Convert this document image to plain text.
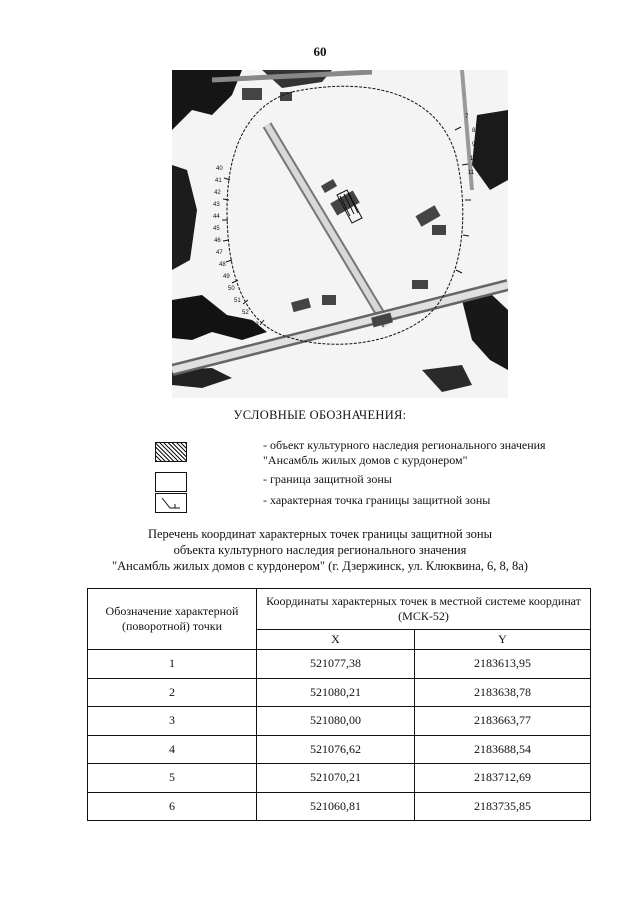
60
40
41
42
43
44
45
46
47
48
49
50
51
52
53
7
8
9
10
11
УСЛОВНЫЕ ОБОЗНАЧЕНИЯ:
- объект культурного наследия регионального значения "Ансамбль жилых домов с курдонером"
- граница защитной зоны
- характерная точка границы защитной зоны
Перечень координат характерных точек границы защитной зоны
объекта культурного наследия регионального значения
"Ансамбль жилых домов с курдонером" (г. Дзержинск, ул. Клюквина, 6, 8, 8а)
Обозначение характерной (поворотной) точки	Координаты характерных точек в местной системе координат (МСК-52)	
	X	Y
1	521077,38	2183613,95
2	521080,21	2183638,78
3	521080,00	2183663,77
4	521076,62	2183688,54
5	521070,21	2183712,69
6	521060,81	2183735,85
